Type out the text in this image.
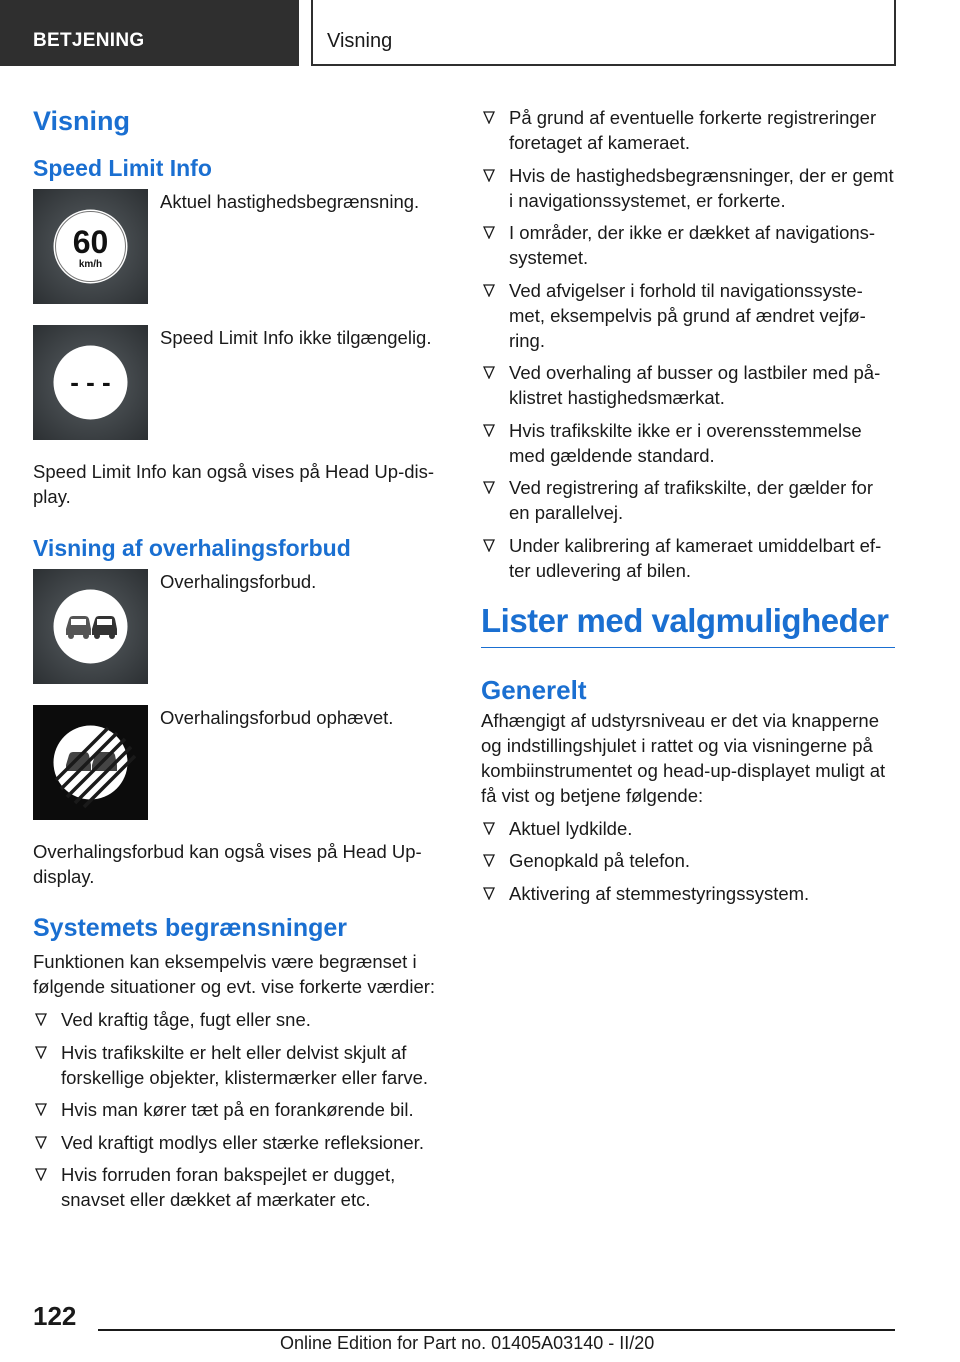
BETJENING	Visning
Visning
Speed Limit Info
60
km/h
Aktuel hastighedsbegrænsning.
- - -
Speed Limit Info ikke tilgængelig.

Speed Limit Info kan også vises på Head Up-dis-play.

Visning af overhalingsforbud
Overhalingsforbud.
Overhalingsforbud ophævet.

Overhalingsforbud kan også vises på Head Up-display.

Systemets begrænsninger

Funktionen kan eksempelvis være begrænset i følgende situationer og evt. vise forkerte værdier:

Ved kraftig tåge, fugt eller sne.
Hvis trafikskilte er helt eller delvist skjult af forskellige objekter, klistermærker eller farve.
Hvis man kører tæt på en forankørende bil.
Ved kraftigt modlys eller stærke refleksioner.
Hvis forruden foran bakspejlet er dugget, snavset eller dækket af mærkater etc.
På grund af eventuelle forkerte registreringer foretaget af kameraet.
Hvis de hastighedsbegrænsninger, der er gemt i navigationssystemet, er forkerte.
I områder, der ikke er dækket af navigations-systemet.
Ved afvigelser i forhold til navigationssyste-met, eksempelvis på grund af ændret vejfø-ring.
Ved overhaling af busser og lastbiler med på-klistret hastighedsmærkat.
Hvis trafikskilte ikke er i overensstemmelse med gældende standard.
Ved registrering af trafikskilte, der gælder for en parallelvej.
Under kalibrering af kameraet umiddelbart ef-ter udlevering af bilen.
Lister med valgmuligheder
Generelt

Afhængigt af udstyrsniveau er det via knapperne og indstillingshjulet i rattet og via visningerne på kombiinstrumentet og head-up-displayet muligt at få vist og betjene følgende:

Aktuel lydkilde.
Genopkald på telefon.
Aktivering af stemmestyringssystem.
122
Online Edition for Part no. 01405A03140 - II/20
